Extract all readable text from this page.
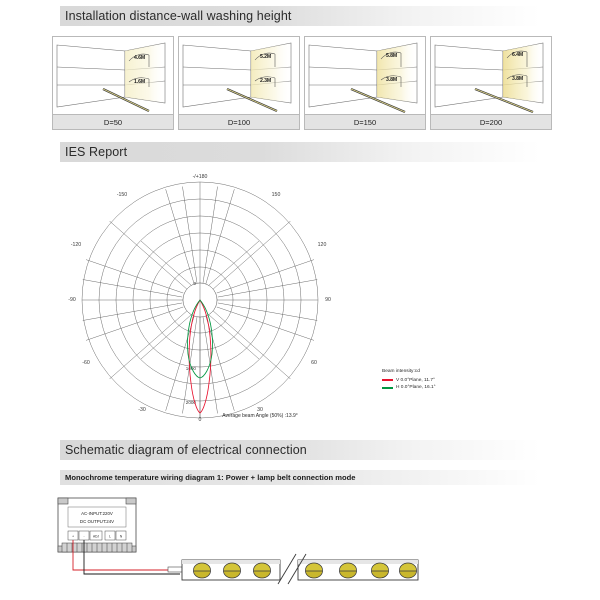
Installation distance-wall washing height
4.6M
1.6M
D=50
5.2M
2.3M
D=100
5.8M
3.8M
D=150
6.4M
3.8M
D=200
IES Report
-/+180
-150
-120
-90
-60
-30
0
30
60
90
120
150
0
1000
2000
Beam intensity:cd
V 0.0°Plane, 11.7°
H 0.0°Plane, 16.1°
Average beam Angle (50%) :13.9°
Schematic diagram of electrical connection
Monochrome temperature wiring diagram 1: Power + lamp belt connection mode
AC-INPUT:220V
DC OUTPUT:24V
+	-	ADJ	L	N
